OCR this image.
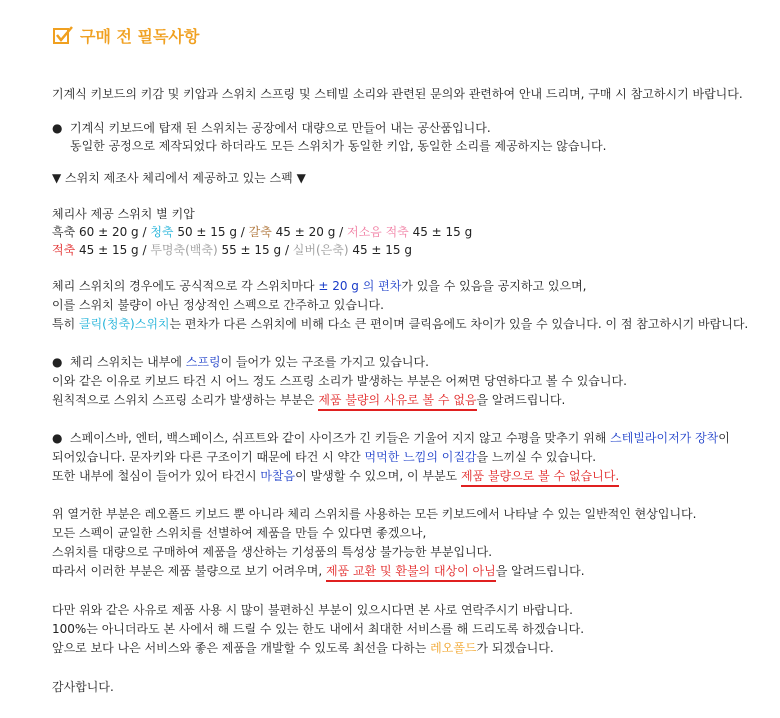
구매 전 필독사항
기계식 키보드의 키감 및 키압과 스위치 스프링 및 스테빌 소리와 관련된 문의와 관련하여 안내 드리며, 구매 시 참고하시기 바랍니다.
● 기계식 키보드에 탑재 된 스위치는 공장에서 대량으로 만들어 내는 공산품입니다.
동일한 공정으로 제작되었다 하더라도 모든 스위치가 동일한 키압, 동일한 소리를 제공하지는 않습니다.
▼ 스위치 제조사 체리에서 제공하고 있는 스펙 ▼
체리사 제공 스위치 별 키압
흑축 60 ± 20 g / 청축 50 ± 15 g / 갈축 45 ± 20 g / 저소음 적축 45 ± 15 g
적축 45 ± 15 g / 투명축(백축) 55 ± 15 g / 실버(은축) 45 ± 15 g
체리 스위치의 경우에도 공식적으로 각 스위치마다 ± 20 g 의 편차가 있을 수 있음을 공지하고 있으며,
이를 스위치 불량이 아닌 정상적인 스펙으로 간주하고 있습니다.
특히 클릭(청축)스위치는 편차가 다른 스위치에 비해 다소 큰 편이며 클릭음에도 차이가 있을 수 있습니다. 이 점 참고하시기 바랍니다.
● 체리 스위치는 내부에 스프링이 들어가 있는 구조를 가지고 있습니다.
이와 같은 이유로 키보드 타건 시 어느 정도 스프링 소리가 발생하는 부분은 어쩌면 당연하다고 볼 수 있습니다.
원칙적으로 스위치 스프링 소리가 발생하는 부분은 제품 불량의 사유로 볼 수 없음을 알려드립니다.
● 스페이스바, 엔터, 백스페이스, 쉬프트와 같이 사이즈가 긴 키들은 기울어 지지 않고 수평을 맞추기 위해 스테빌라이저가 장착이
되어있습니다. 문자키와 다른 구조이기 때문에 타건 시 약간 먹먹한 느낌의 이질감을 느끼실 수 있습니다.
또한 내부에 철심이 들어가 있어 타건시 마찰음이 발생할 수 있으며, 이 부분도 제품 불량으로 볼 수 없습니다.
위 열거한 부분은 레오폴드 키보드 뿐 아니라 체리 스위치를 사용하는 모든 키보드에서 나타날 수 있는 일반적인 현상입니다.
모든 스펙이 균일한 스위치를 선별하여 제품을 만들 수 있다면 좋겠으나,
스위치를 대량으로 구매하여 제품을 생산하는 기성품의 특성상 불가능한 부분입니다.
따라서 이러한 부분은 제품 불량으로 보기 어려우며, 제품 교환 및 환불의 대상이 아님을 알려드립니다.
다만 위와 같은 사유로 제품 사용 시 많이 불편하신 부분이 있으시다면 본 사로 연락주시기 바랍니다.
100%는 아니더라도 본 사에서 해 드릴 수 있는 한도 내에서 최대한 서비스를 해 드리도록 하겠습니다.
앞으로 보다 나은 서비스와 좋은 제품을 개발할 수 있도록 최선을 다하는 레오폴드가 되겠습니다.
감사합니다.
